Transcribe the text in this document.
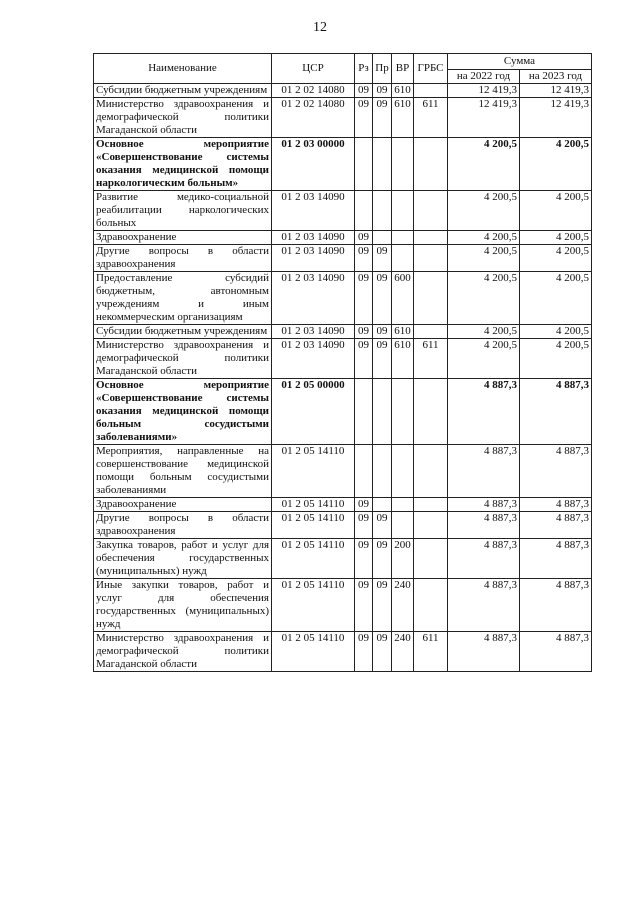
12
Наименование	ЦСР	Рз	Пр	ВР	ГРБС	Сумма	
						на 2022 год	на 2023 год
Субсидии бюджетным учреждениям	01 2 02 14080	09	09	610		12 419,3	12 419,3
Министерство здравоохранения и демографической политики Магаданской области	01 2 02 14080	09	09	610	611	12 419,3	12 419,3
Основное мероприятие «Совершенствование системы оказания медицинской помощи наркологическим больным»	01 2 03 00000					4 200,5	4 200,5
Развитие медико-социальной реабилитации наркологических больных	01 2 03 14090					4 200,5	4 200,5
Здравоохранение	01 2 03 14090	09				4 200,5	4 200,5
Другие вопросы в области здравоохранения	01 2 03 14090	09	09			4 200,5	4 200,5
Предоставление субсидий бюджетным, автономным учреждениям и иным некоммерческим организациям	01 2 03 14090	09	09	600		4 200,5	4 200,5
Субсидии бюджетным учреждениям	01 2 03 14090	09	09	610		4 200,5	4 200,5
Министерство здравоохранения и демографической политики Магаданской области	01 2 03 14090	09	09	610	611	4 200,5	4 200,5
Основное мероприятие «Совершенствование системы оказания медицинской помощи больным сосудистыми заболеваниями»	01 2 05 00000					4 887,3	4 887,3
Мероприятия, направленные на совершенствование медицинской помощи больным сосудистыми заболеваниями	01 2 05 14110					4 887,3	4 887,3
Здравоохранение	01 2 05 14110	09				4 887,3	4 887,3
Другие вопросы в области здравоохранения	01 2 05 14110	09	09			4 887,3	4 887,3
Закупка товаров, работ и услуг для обеспечения государственных (муниципальных) нужд	01 2 05 14110	09	09	200		4 887,3	4 887,3
Иные закупки товаров, работ и услуг для обеспечения государственных (муниципальных) нужд	01 2 05 14110	09	09	240		4 887,3	4 887,3
Министерство здравоохранения и демографической политики Магаданской области	01 2 05 14110	09	09	240	611	4 887,3	4 887,3
